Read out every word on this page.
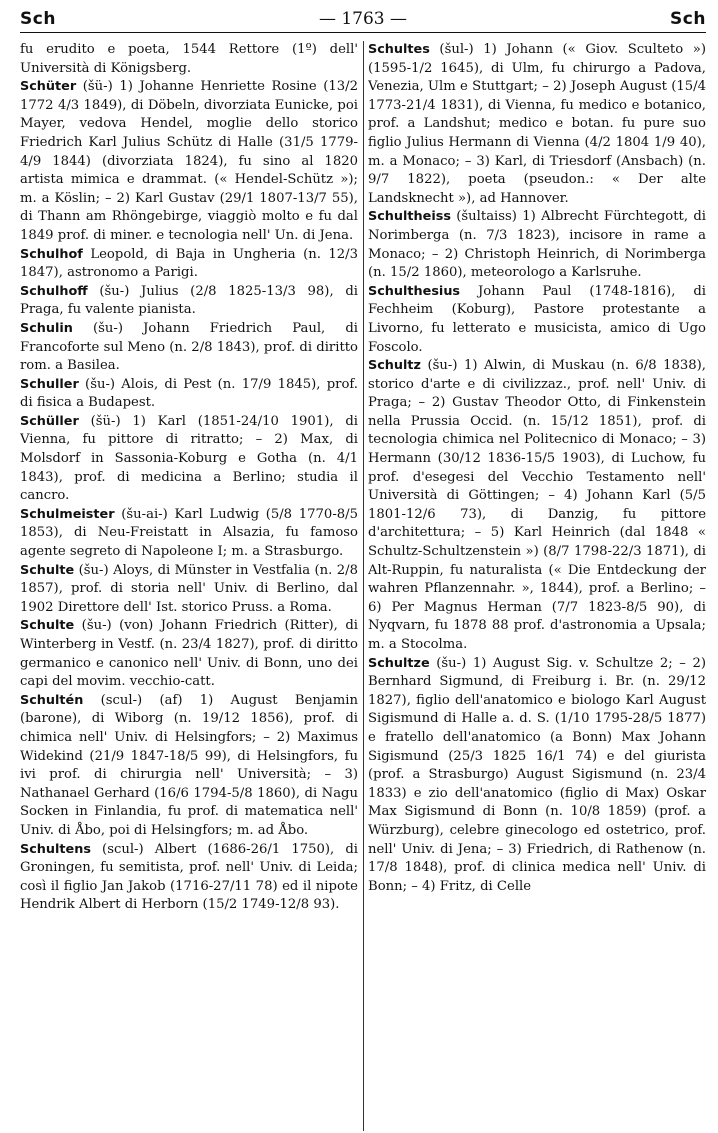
Sch	— 1763 —	Sch

fu erudito e poeta, 1544 Rettore (1º) dell' Università di Königsberg.

Schüter (šü-) 1) Johanne Henriette Rosine (13/2 1772 4/3 1849), di Döbeln, divorziata Eunicke, poi Mayer, vedova Hendel, moglie dello storico Friedrich Karl Julius Schütz di Halle (31/5 1779-4/9 1844) (divorziata 1824), fu sino al 1820 artista mimica e drammat. (« Hendel-Schütz »); m. a Köslin; – 2) Karl Gustav (29/1 1807-13/7 55), di Thann am Rhöngebirge, viaggiò molto e fu dal 1849 prof. di miner. e tecnologia nell' Un. di Jena.

Schulhof Leopold, di Baja in Ungheria (n. 12/3 1847), astronomo a Parigi.

Schulhoff (šu-) Julius (2/8 1825-13/3 98), di Praga, fu valente pianista.

Schulin (šu-) Johann Friedrich Paul, di Francoforte sul Meno (n. 2/8 1843), prof. di diritto rom. a Basilea.

Schuller (šu-) Alois, di Pest (n. 17/9 1845), prof. di fisica a Budapest.

Schüller (šü-) 1) Karl (1851-24/10 1901), di Vienna, fu pittore di ritratto; – 2) Max, di Molsdorf in Sassonia-Koburg e Gotha (n. 4/1 1843), prof. di medicina a Berlino; studia il cancro.

Schulmeister (šu-ai-) Karl Ludwig (5/8 1770-8/5 1853), di Neu-Freistatt in Alsazia, fu famoso agente segreto di Napoleone I; m. a Strasburgo.

Schulte (šu-) Aloys, di Münster in Vestfalia (n. 2/8 1857), prof. di storia nell' Univ. di Berlino, dal 1902 Direttore dell' Ist. storico Pruss. a Roma.

Schulte (šu-) (von) Johann Friedrich (Ritter), di Winterberg in Vestf. (n. 23/4 1827), prof. di diritto germanico e canonico nell' Univ. di Bonn, uno dei capi del movim. vecchio-catt.

Schultén (scul-) (af) 1) August Benjamin (barone), di Wiborg (n. 19/12 1856), prof. di chimica nell' Univ. di Helsingfors; – 2) Maximus Widekind (21/9 1847-18/5 99), di Helsingfors, fu ivi prof. di chirurgia nell' Università; – 3) Nathanael Gerhard (16/6 1794-5/8 1860), di Nagu Socken in Finlandia, fu prof. di matematica nell' Univ. di Åbo, poi di Helsingfors; m. ad Åbo.

Schultens (scul-) Albert (1686-26/1 1750), di Groningen, fu semitista, prof. nell' Univ. di Leida; così il figlio Jan Jakob (1716-27/11 78) ed il nipote Hendrik Albert di Herborn (15/2 1749-12/8 93).

Schultes (šul-) 1) Johann (« Giov. Sculteto ») (1595-1/2 1645), di Ulm, fu chirurgo a Padova, Venezia, Ulm e Stuttgart; – 2) Joseph August (15/4 1773-21/4 1831), di Vienna, fu medico e botanico, prof. a Landshut; medico e botan. fu pure suo figlio Julius Hermann di Vienna (4/2 1804 1/9 40), m. a Monaco; – 3) Karl, di Triesdorf (Ansbach) (n. 9/7 1822), poeta (pseudon.: « Der alte Landsknecht »), ad Hannover.

Schultheiss (šultaiss) 1) Albrecht Fürchtegott, di Norimberga (n. 7/3 1823), incisore in rame a Monaco; – 2) Christoph Heinrich, di Norimberga (n. 15/2 1860), meteorologo a Karlsruhe.

Schulthesius Johann Paul (1748-1816), di Fechheim (Koburg), Pastore protestante a Livorno, fu letterato e musicista, amico di Ugo Foscolo.

Schultz (šu-) 1) Alwin, di Muskau (n. 6/8 1838), storico d'arte e di civilizzaz., prof. nell' Univ. di Praga; – 2) Gustav Theodor Otto, di Finkenstein nella Prussia Occid. (n. 15/12 1851), prof. di tecnologia chimica nel Politecnico di Monaco; – 3) Hermann (30/12 1836-15/5 1903), di Luchow, fu prof. d'esegesi del Vecchio Testamento nell' Università di Göttingen; – 4) Johann Karl (5/5 1801-12/6 73), di Danzig, fu pittore d'architettura; – 5) Karl Heinrich (dal 1848 « Schultz-Schultzenstein ») (8/7 1798-22/3 1871), di Alt-Ruppin, fu naturalista (« Die Entdeckung der wahren Pflanzennahr. », 1844), prof. a Berlino; – 6) Per Magnus Herman (7/7 1823-8/5 90), di Nyqvarn, fu 1878 88 prof. d'astronomia a Upsala; m. a Stocolma.

Schultze (šu-) 1) August Sig. v. Schultze 2; – 2) Bernhard Sigmund, di Freiburg i. Br. (n. 29/12 1827), figlio dell'anatomico e biologo Karl August Sigismund di Halle a. d. S. (1/10 1795-28/5 1877) e fratello dell'anatomico (a Bonn) Max Johann Sigismund (25/3 1825 16/1 74) e del giurista (prof. a Strasburgo) August Sigismund (n. 23/4 1833) e zio dell'anatomico (figlio di Max) Oskar Max Sigismund di Bonn (n. 10/8 1859) (prof. a Würzburg), celebre ginecologo ed ostetrico, prof. nell' Univ. di Jena; – 3) Friedrich, di Rathenow (n. 17/8 1848), prof. di clinica medica nell' Univ. di Bonn; – 4) Fritz, di Celle
